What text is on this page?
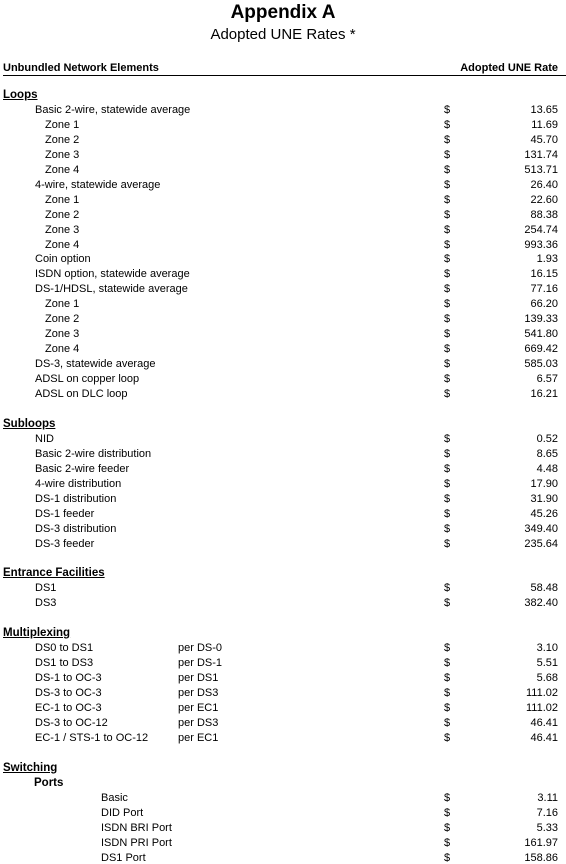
Appendix A
Adopted UNE Rates *
Unbundled Network Elements	Adopted UNE Rate
Loops
Basic 2-wire, statewide average	$	13.65
Zone 1	$	11.69
Zone 2	$	45.70
Zone 3	$	131.74
Zone 4	$	513.71
4-wire, statewide average	$	26.40
Zone 1	$	22.60
Zone 2	$	88.38
Zone 3	$	254.74
Zone 4	$	993.36
Coin option	$	1.93
ISDN option, statewide average	$	16.15
DS-1/HDSL, statewide average	$	77.16
Zone 1	$	66.20
Zone 2	$	139.33
Zone 3	$	541.80
Zone 4	$	669.42
DS-3, statewide average	$	585.03
ADSL on copper loop	$	6.57
ADSL on DLC loop	$	16.21
Subloops
NID	$	0.52
Basic 2-wire distribution	$	8.65
Basic 2-wire feeder	$	4.48
4-wire distribution	$	17.90
DS-1 distribution	$	31.90
DS-1 feeder	$	45.26
DS-3 distribution	$	349.40
DS-3 feeder	$	235.64
Entrance Facilities
DS1	$	58.48
DS3	$	382.40
Multiplexing
DS0 to DS1	per DS-0	$	3.10
DS1 to DS3	per DS-1	$	5.51
DS-1 to OC-3	per DS1	$	5.68
DS-3 to OC-3	per DS3	$	111.02
EC-1 to OC-3	per EC1	$	111.02
DS-3 to OC-12	per DS3	$	46.41
EC-1 / STS-1 to OC-12	per EC1	$	46.41
Switching
Ports
Basic	$	3.11
DID Port	$	7.16
ISDN BRI Port	$	5.33
ISDN PRI Port	$	161.97
DS1 Port	$	158.86
